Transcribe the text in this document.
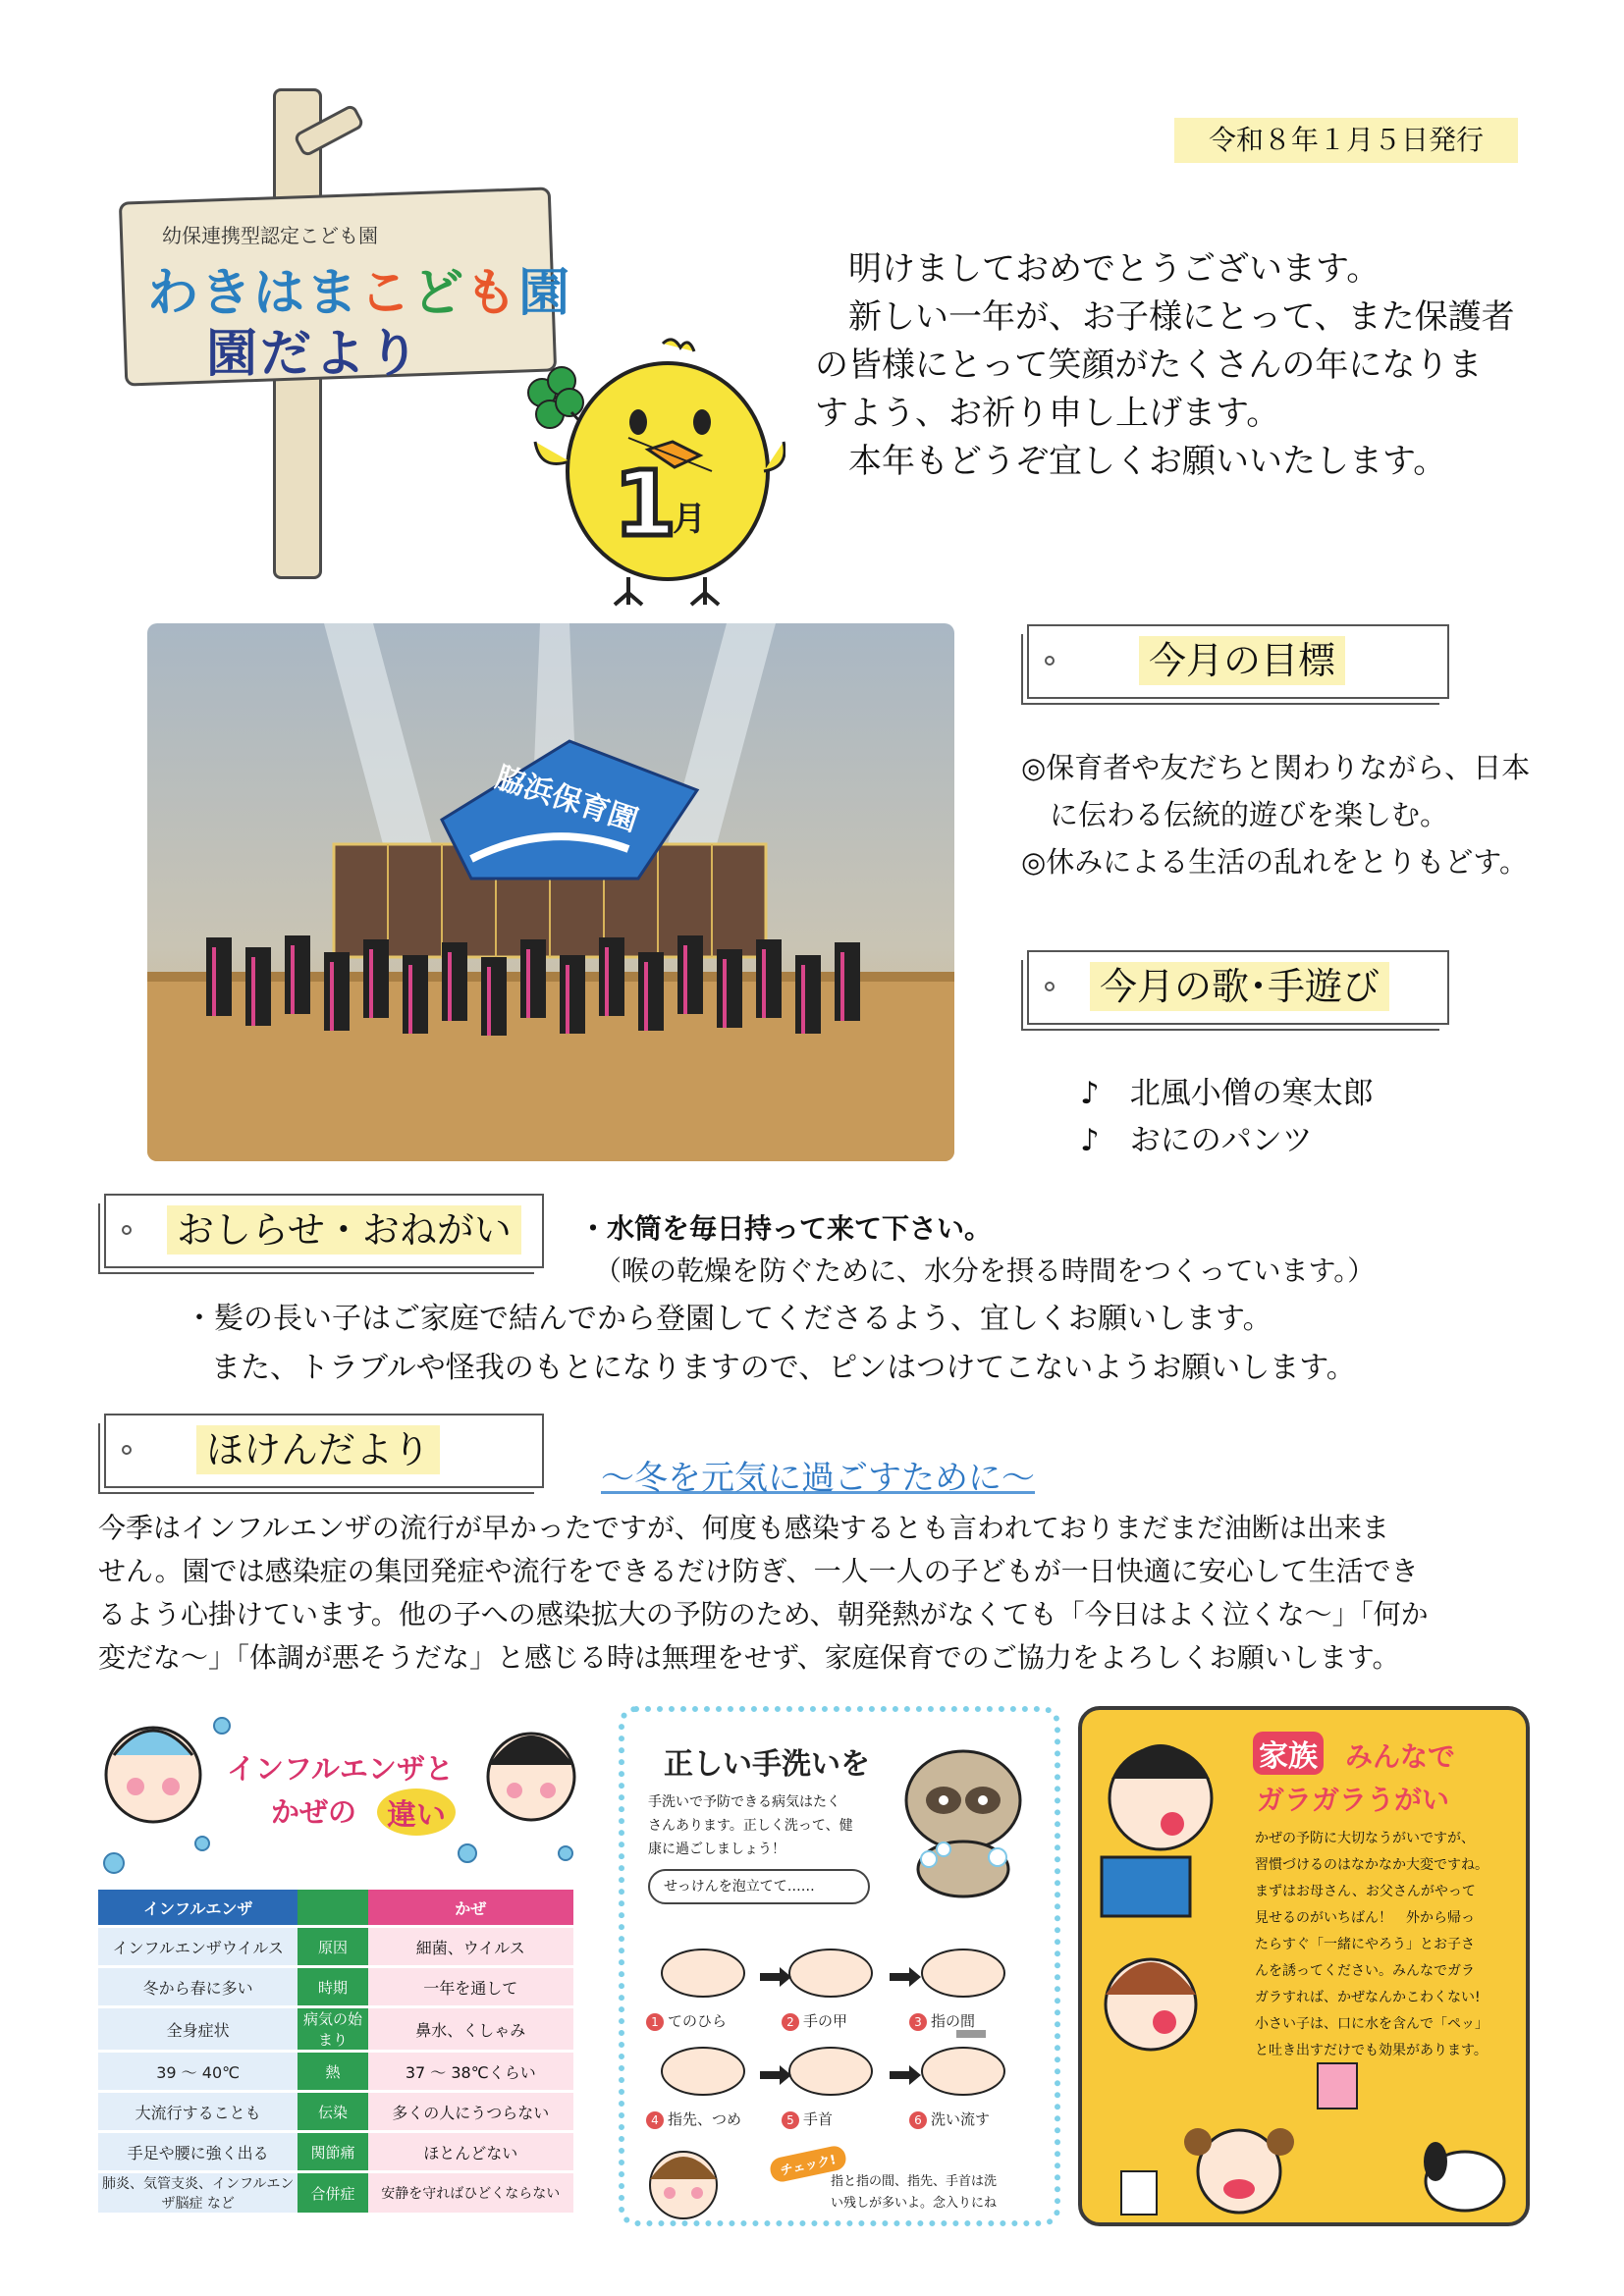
令和８年１月５日発行
幼保連携型認定こども園
わきはまこども園
園だより
1
月

　明けましておめでとうございます。

　新しい一年が、お子様にとって、また保護者

の皆様にとって笑顔がたくさんの年になりま

すよう、お祈り申し上げます。

　本年もどうぞ宜しくお願いいたします。

脇浜保育園
今月の目標

◎保育者や友だちと関わりながら、日本

　に伝わる伝統的遊びを楽しむ。

◎休みによる生活の乱れをとりもどす。

今月の歌･手遊び

♪　北風小僧の寒太郎

♪　おにのパンツ

おしらせ・おねがい	・水筒を毎日持って来て下さい。
（喉の乾燥を防ぐために、水分を摂る時間をつくっています。）
・髪の長い子はご家庭で結んでから登園してくださるよう、宜しくお願いします。
　また、トラブルや怪我のもとになりますので、ピンはつけてこないようお願いします。
ほけんだより
～冬を元気に過ごすために～

今季はインフルエンザの流行が早かったですが、何度も感染するとも言われておりまだまだ油断は出来ま

せん。園では感染症の集団発症や流行をできるだけ防ぎ、一人一人の子どもが一日快適に安心して生活でき

るよう心掛けています。他の子への感染拡大の予防のため、朝発熱がなくても「今日はよく泣くな～」「何か

変だな～」「体調が悪そうだな」と感じる時は無理をせず、家庭保育でのご協力をよろしくお願いします。

インフルエンザと
かぜの	違い
インフルエンザ		かぜ
インフルエンザウイルス	原因	細菌、ウイルス
冬から春に多い	時期	一年を通して
全身症状	病気の始まり	鼻水、くしゃみ
39 ～ 40℃	熱	37 ～ 38℃くらい
大流行することも	伝染	多くの人にうつらない
手足や腰に強く出る	関節痛	ほとんどない
肺炎、気管支炎、インフルエンザ脳症 など	合併症	安静を守ればひどくならない
正しい手洗いを

手洗いで予防できる病気はたく

さんあります。正しく洗って、健

康に過ごしましょう！

せっけんを泡立てて……
1 てのひら	2 手の甲	3 指の間
4 指先、つめ	5 手首	6 洗い流す
チェック!

指と指の間、指先、手首は洗

い残しが多いよ。念入りにね

家族 みんなで
ガラガラうがい

かぜの予防に大切なうがいですが、

習慣づけるのはなかなか大変ですね。

まずはお母さん、お父さんがやって

見せるのがいちばん！　外から帰っ

たらすぐ「一緒にやろう」とお子さ

んを誘ってください。みんなでガラ

ガラすれば、かぜなんかこわくない!

小さい子は、口に水を含んで「ペッ」

と吐き出すだけでも効果があります。
